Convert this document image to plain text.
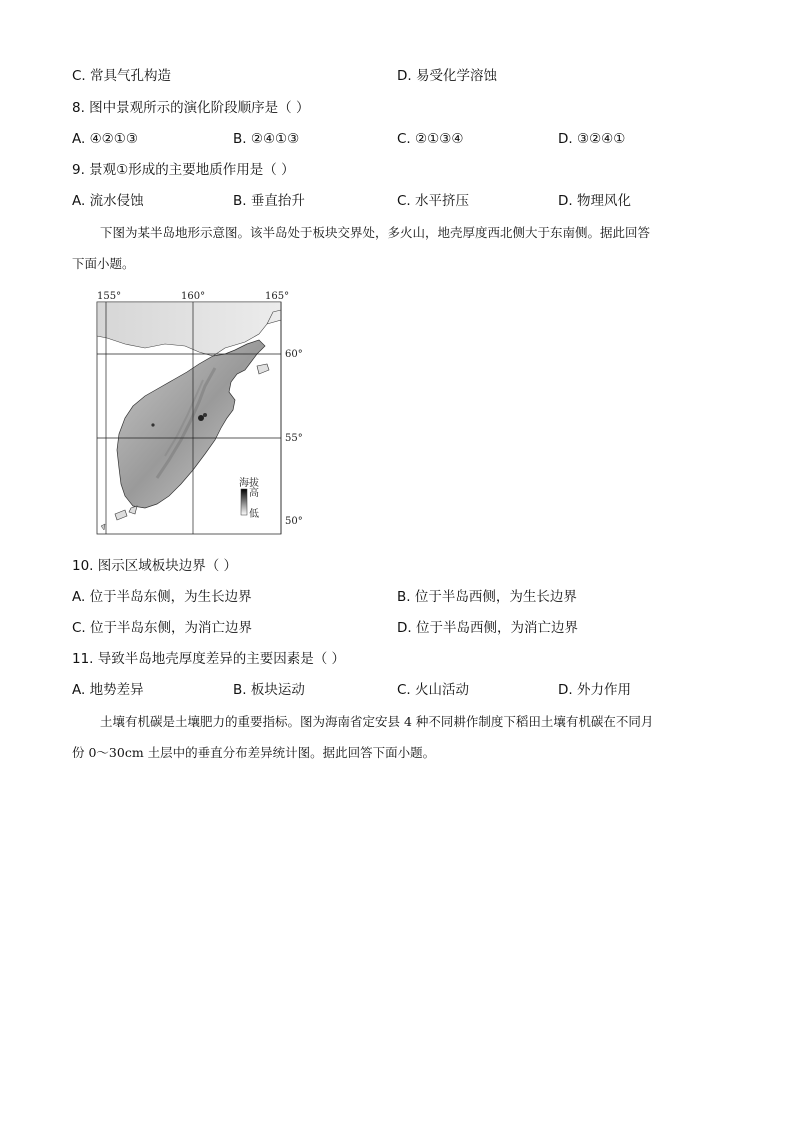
C. 常具气孔构造	D. 易受化学溶蚀
8. 图中景观所示的演化阶段顺序是（ ）
A. ④②①③	B. ②④①③	C. ②①③④	D. ③②④①
9. 景观①形成的主要地质作用是（ ）
A. 流水侵蚀	B. 垂直抬升	C. 水平挤压	D. 物理风化
下图为某半岛地形示意图。该半岛处于板块交界处，多火山，地壳厚度西北侧大于东南侧。据此回答
下面小题。
155°	160°	165°
60°
55°
50°
海拔
高
低
10. 图示区域板块边界（ ）
A. 位于半岛东侧，为生长边界	B. 位于半岛西侧，为生长边界
C. 位于半岛东侧，为消亡边界	D. 位于半岛西侧，为消亡边界
11. 导致半岛地壳厚度差异的主要因素是（ ）
A. 地势差异	B. 板块运动	C. 火山活动	D. 外力作用
土壤有机碳是土壤肥力的重要指标。图为海南省定安县 4 种不同耕作制度下稻田土壤有机碳在不同月
份 0～30cm 土层中的垂直分布差异统计图。据此回答下面小题。
